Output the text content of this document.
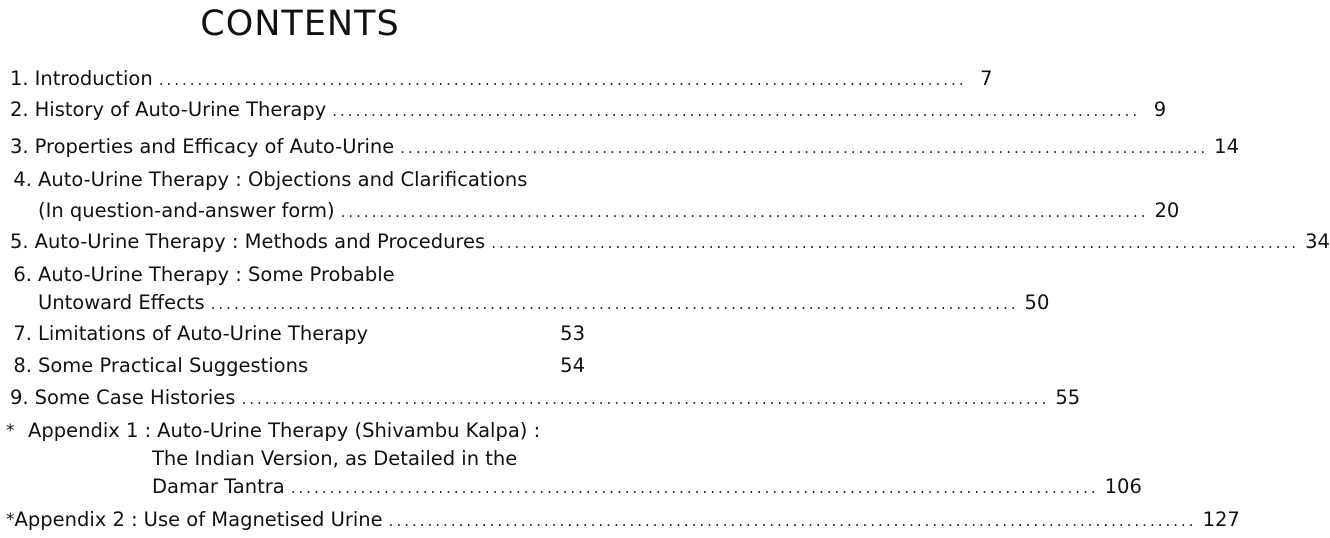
CONTENTS
1. Introduction ........................................................................................................ 7
2. History of Auto-Urine Therapy ........................................................................................................ 9
3. Properties and Efficacy of Auto-Urine ........................................................................................................ 14
4. Auto-Urine Therapy : Objections and Clarifications
(In question-and-answer form) ........................................................................................................ 20
5. Auto-Urine Therapy : Methods and Procedures ........................................................................................................ 34
6. Auto-Urine Therapy : Some Probable
Untoward Effects ........................................................................................................ 50
7. Limitations of Auto-Urine Therapy	53
8. Some Practical Suggestions	54
9. Some Case Histories ........................................................................................................ 55
* Appendix 1 : Auto-Urine Therapy (Shivambu Kalpa) :
The Indian Version, as Detailed in the
Damar Tantra ........................................................................................................ 106
* Appendix 2 : Use of Magnetised Urine ........................................................................................................ 127
